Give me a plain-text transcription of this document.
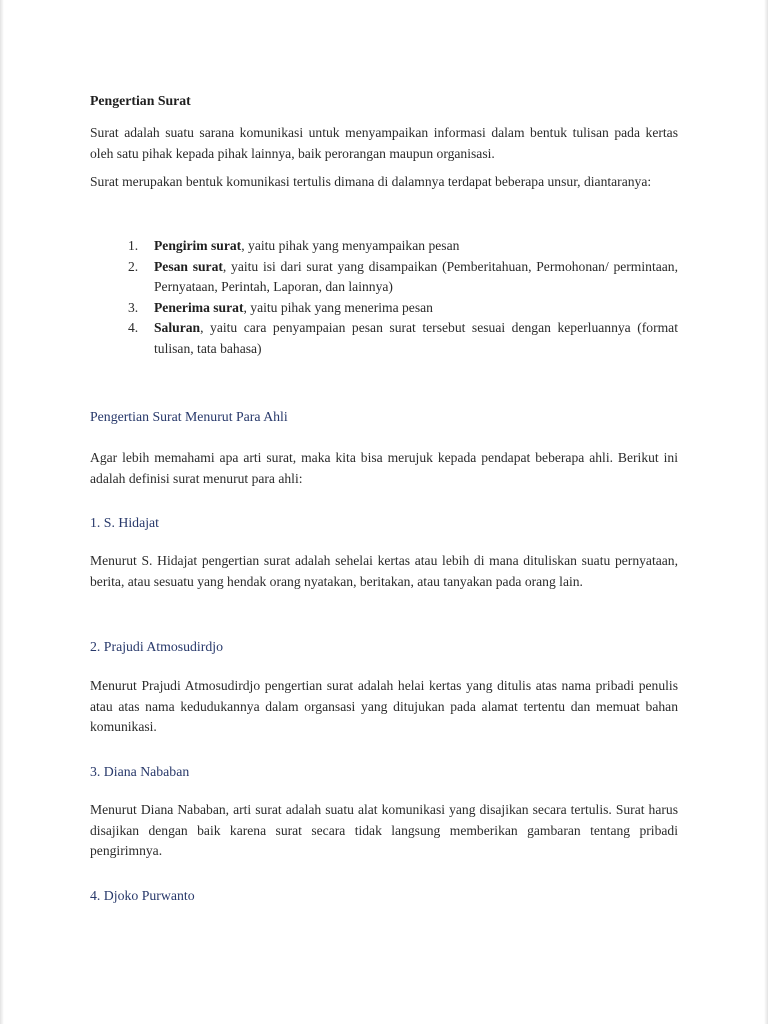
Pengertian Surat

Surat adalah suatu sarana komunikasi untuk menyampaikan informasi dalam bentuk tulisan pada kertas oleh satu pihak kepada pihak lainnya, baik perorangan maupun organisasi.

Surat merupakan bentuk komunikasi tertulis dimana di dalamnya terdapat beberapa unsur, diantaranya:

1. Pengirim surat, yaitu pihak yang menyampaikan pesan
2. Pesan surat, yaitu isi dari surat yang disampaikan (Pemberitahuan, Permohonan/ permintaan, Pernyataan, Perintah, Laporan, dan lainnya)
3. Penerima surat, yaitu pihak yang menerima pesan
4. Saluran, yaitu cara penyampaian pesan surat tersebut sesuai dengan keperluannya (format tulisan, tata bahasa)
Pengertian Surat Menurut Para Ahli

Agar lebih memahami apa arti surat, maka kita bisa merujuk kepada pendapat beberapa ahli. Berikut ini adalah definisi surat menurut para ahli:

1. S. Hidajat

Menurut S. Hidajat pengertian surat adalah sehelai kertas atau lebih di mana dituliskan suatu pernyataan, berita, atau sesuatu yang hendak orang nyatakan, beritakan, atau tanyakan pada orang lain.

2. Prajudi Atmosudirdjo

Menurut Prajudi Atmosudirdjo pengertian surat adalah helai kertas yang ditulis atas nama pribadi penulis atau atas nama kedudukannya dalam organsasi yang ditujukan pada alamat tertentu dan memuat bahan komunikasi.

3. Diana Nababan

Menurut Diana Nababan, arti surat adalah suatu alat komunikasi yang disajikan secara tertulis. Surat harus disajikan dengan baik karena surat secara tidak langsung memberikan gambaran tentang pribadi pengirimnya.

4. Djoko Purwanto
